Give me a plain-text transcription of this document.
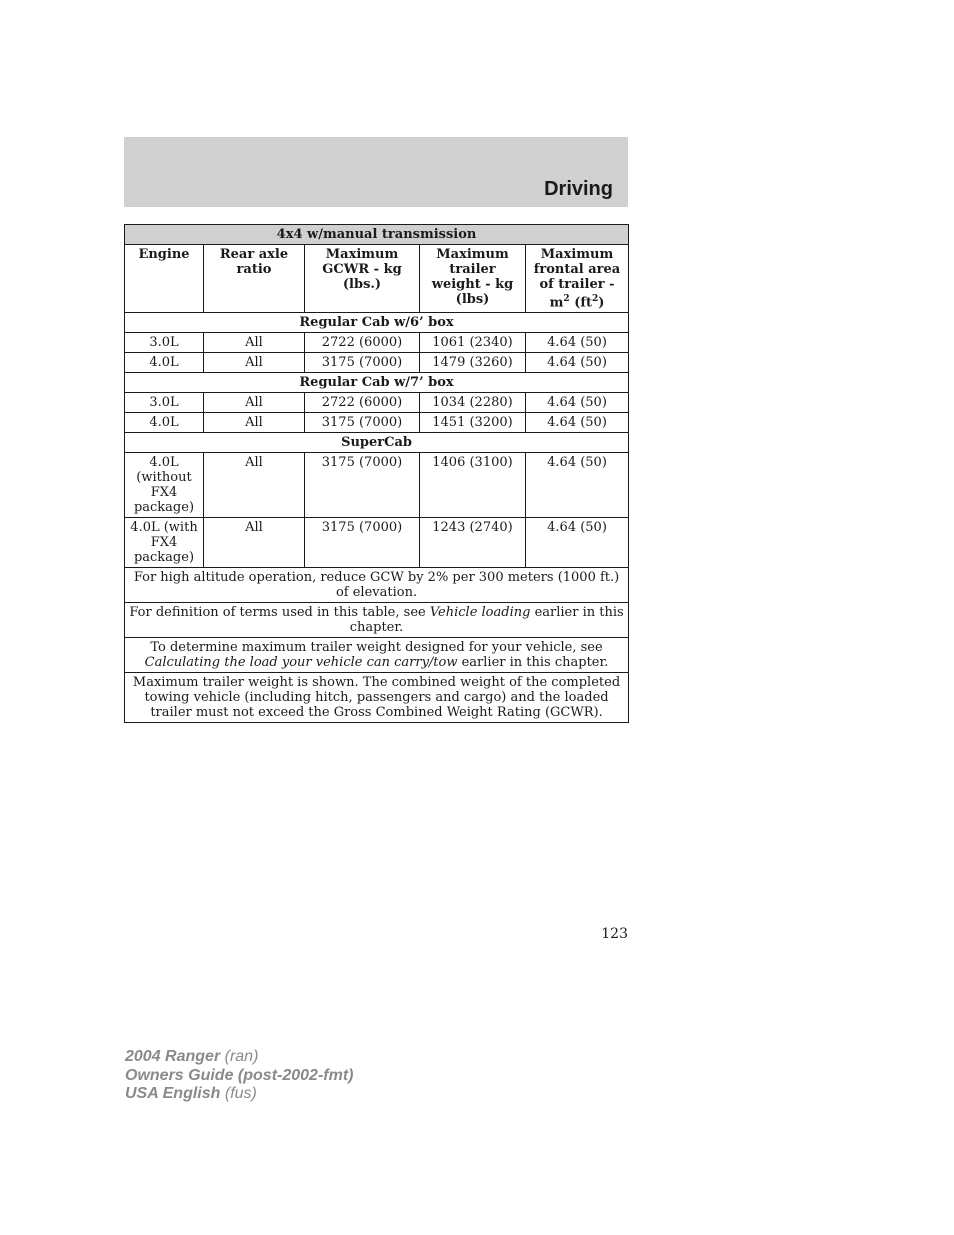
Driving
4x4 w/manual transmission				
Engine	Rear axle ratio	Maximum GCWR - kg (lbs.)	Maximum trailer weight - kg (lbs)	Maximum frontal area of trailer - $m^2$ $(ft^2)$
Regular Cab w/6’ box				
3.0L	All	2722 (6000)	1061 (2340)	4.64 (50)
4.0L	All	3175 (7000)	1479 (3260)	4.64 (50)
Regular Cab w/7’ box				
3.0L	All	2722 (6000)	1034 (2280)	4.64 (50)
4.0L	All	3175 (7000)	1451 (3200)	4.64 (50)
SuperCab				
4.0L (without FX4 package)	All	3175 (7000)	1406 (3100)	4.64 (50)
4.0L (with FX4 package)	All	3175 (7000)	1243 (2740)	4.64 (50)
For high altitude operation, reduce GCW by 2% per 300 meters (1000 ft.) of elevation.				
For definition of terms used in this table, see Vehicle loading earlier in this chapter.				
To determine maximum trailer weight designed for your vehicle, see Calculating the load your vehicle can carry/tow earlier in this chapter.				
Maximum trailer weight is shown. The combined weight of the completed towing vehicle (including hitch, passengers and cargo) and the loaded trailer must not exceed the Gross Combined Weight Rating (GCWR).				
123
2004 Ranger (ran)
Owners Guide (post-2002-fmt)
USA English (fus)
